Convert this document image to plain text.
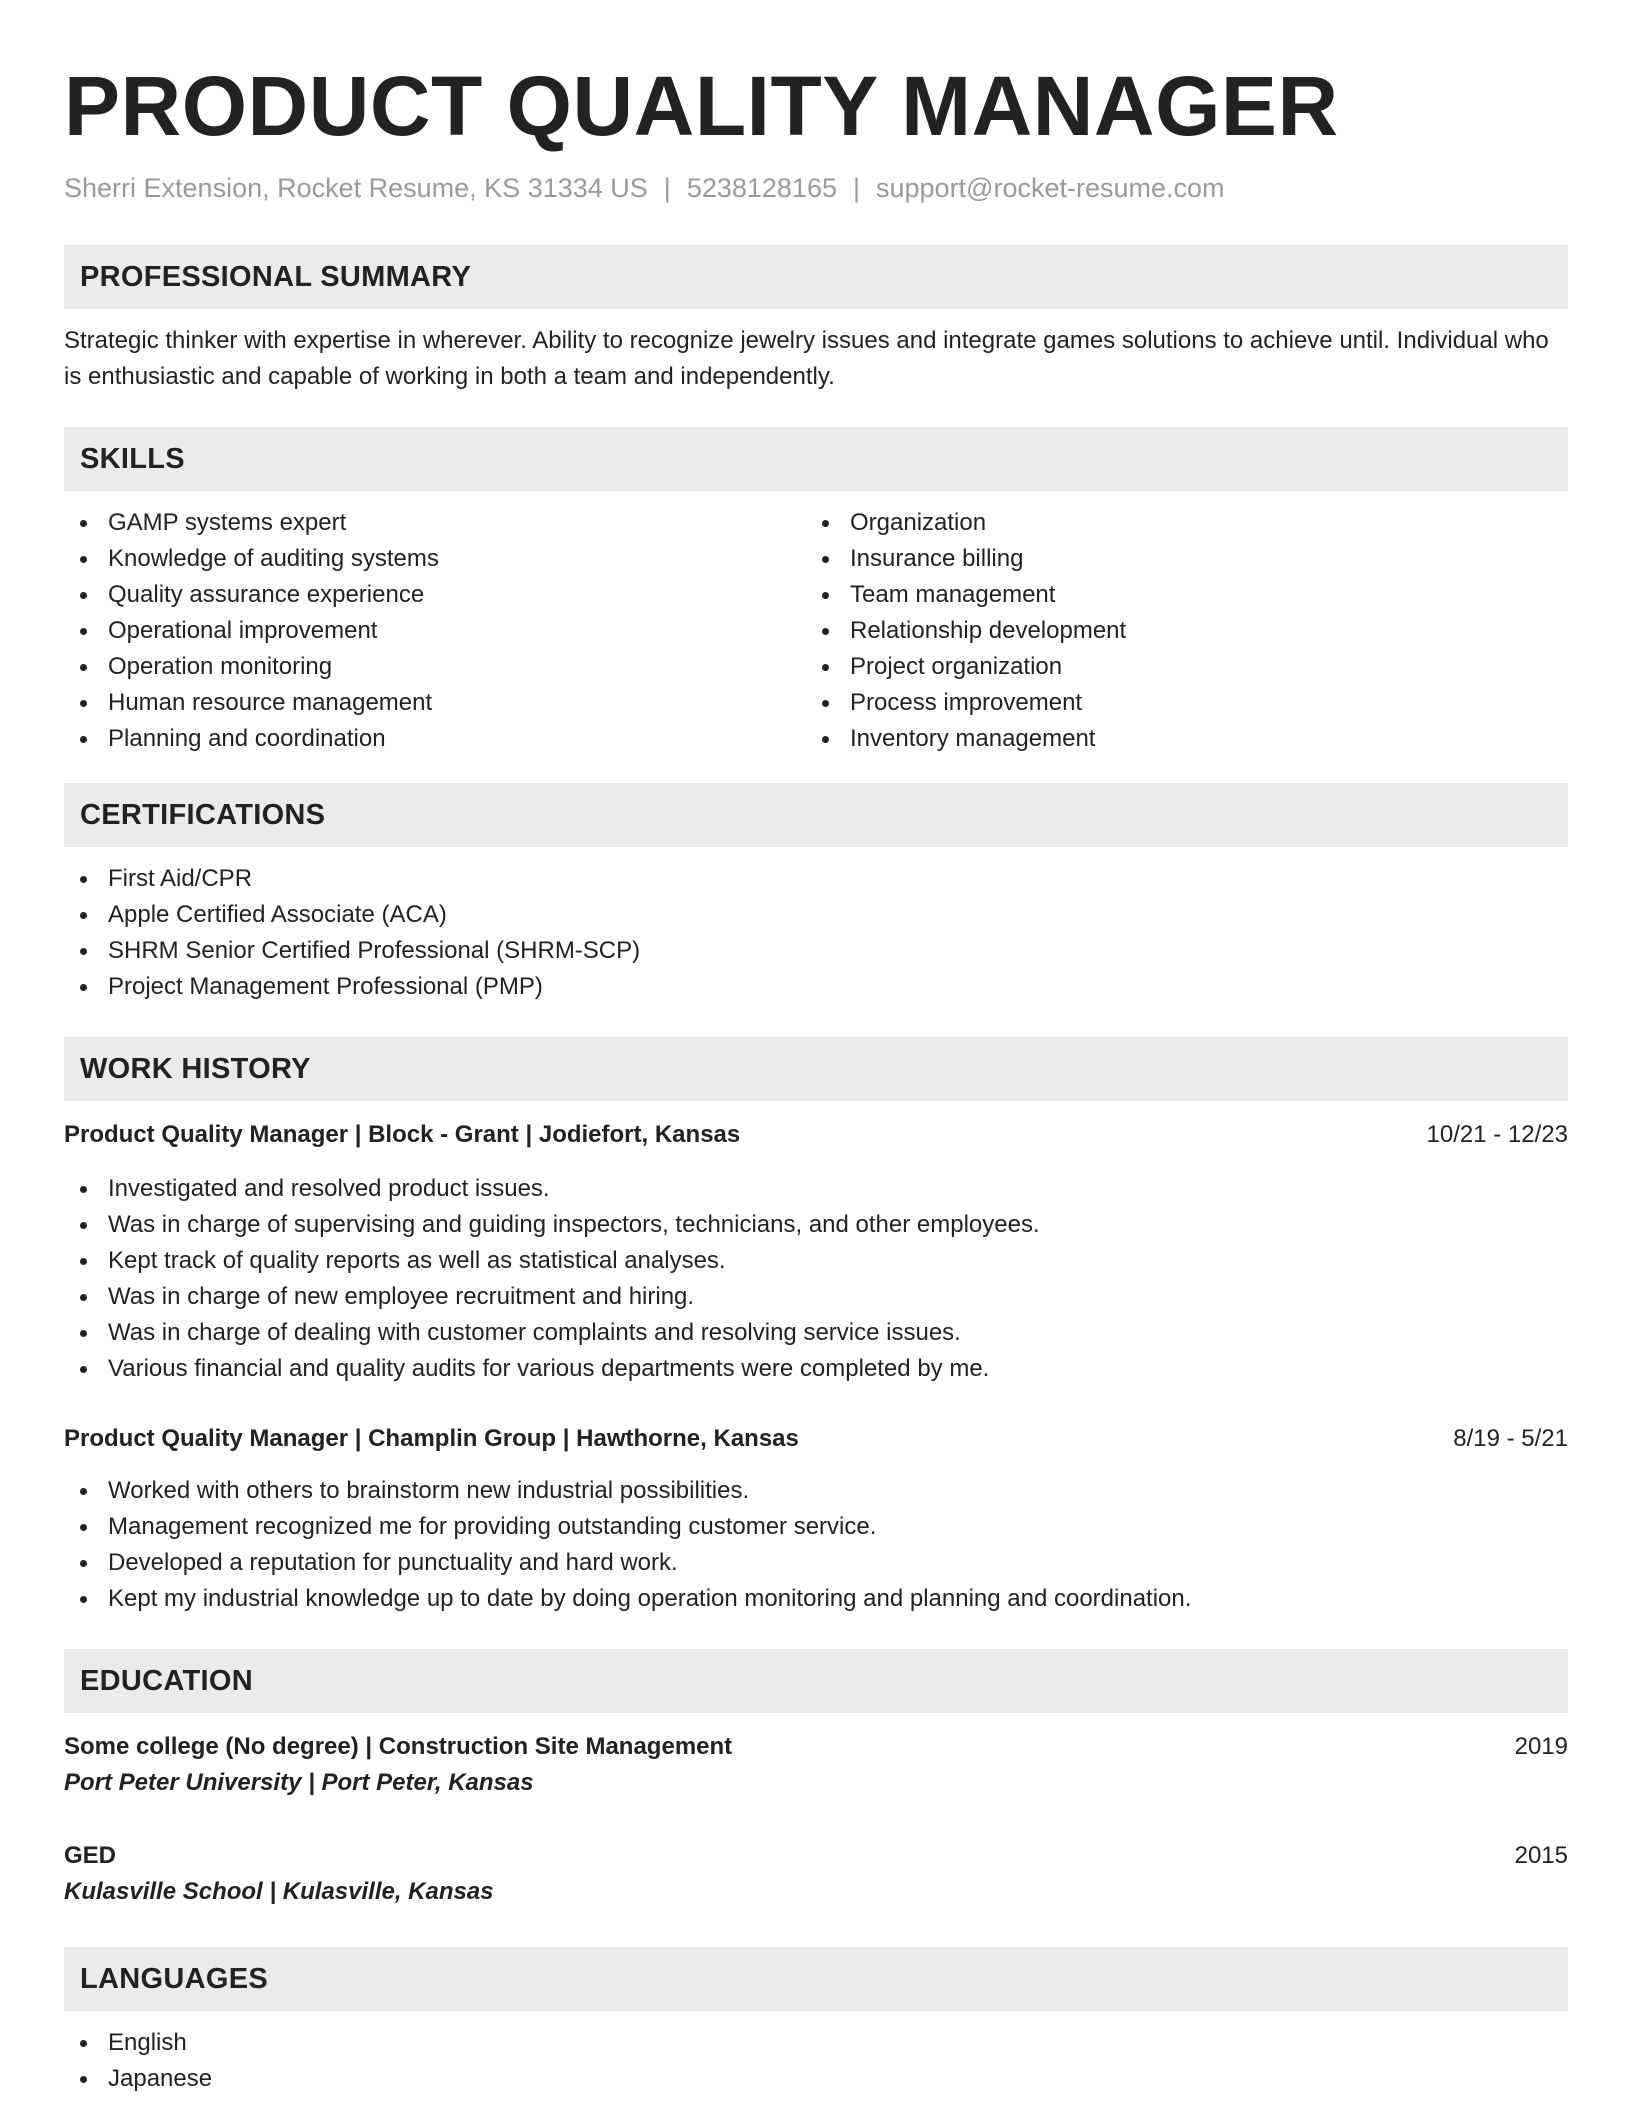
PRODUCT QUALITY MANAGER
Sherri Extension, Rocket Resume, KS 31334 US | 5238128165 | support@rocket-resume.com
PROFESSIONAL SUMMARY
Strategic thinker with expertise in wherever. Ability to recognize jewelry issues and integrate games solutions to achieve until. Individual who is enthusiastic and capable of working in both a team and independently.
SKILLS
GAMP systems expert
Knowledge of auditing systems
Quality assurance experience
Operational improvement
Operation monitoring
Human resource management
Planning and coordination
Organization
Insurance billing
Team management
Relationship development
Project organization
Process improvement
Inventory management
CERTIFICATIONS
First Aid/CPR
Apple Certified Associate (ACA)
SHRM Senior Certified Professional (SHRM-SCP)
Project Management Professional (PMP)
WORK HISTORY
Product Quality Manager | Block - Grant | Jodiefort, Kansas	10/21 - 12/23
Investigated and resolved product issues.
Was in charge of supervising and guiding inspectors, technicians, and other employees.
Kept track of quality reports as well as statistical analyses.
Was in charge of new employee recruitment and hiring.
Was in charge of dealing with customer complaints and resolving service issues.
Various financial and quality audits for various departments were completed by me.
Product Quality Manager | Champlin Group | Hawthorne, Kansas	8/19 - 5/21
Worked with others to brainstorm new industrial possibilities.
Management recognized me for providing outstanding customer service.
Developed a reputation for punctuality and hard work.
Kept my industrial knowledge up to date by doing operation monitoring and planning and coordination.
EDUCATION
Some college (No degree) | Construction Site Management	2019
Port Peter University | Port Peter, Kansas
GED	2015
Kulasville School | Kulasville, Kansas
LANGUAGES
English
Japanese
